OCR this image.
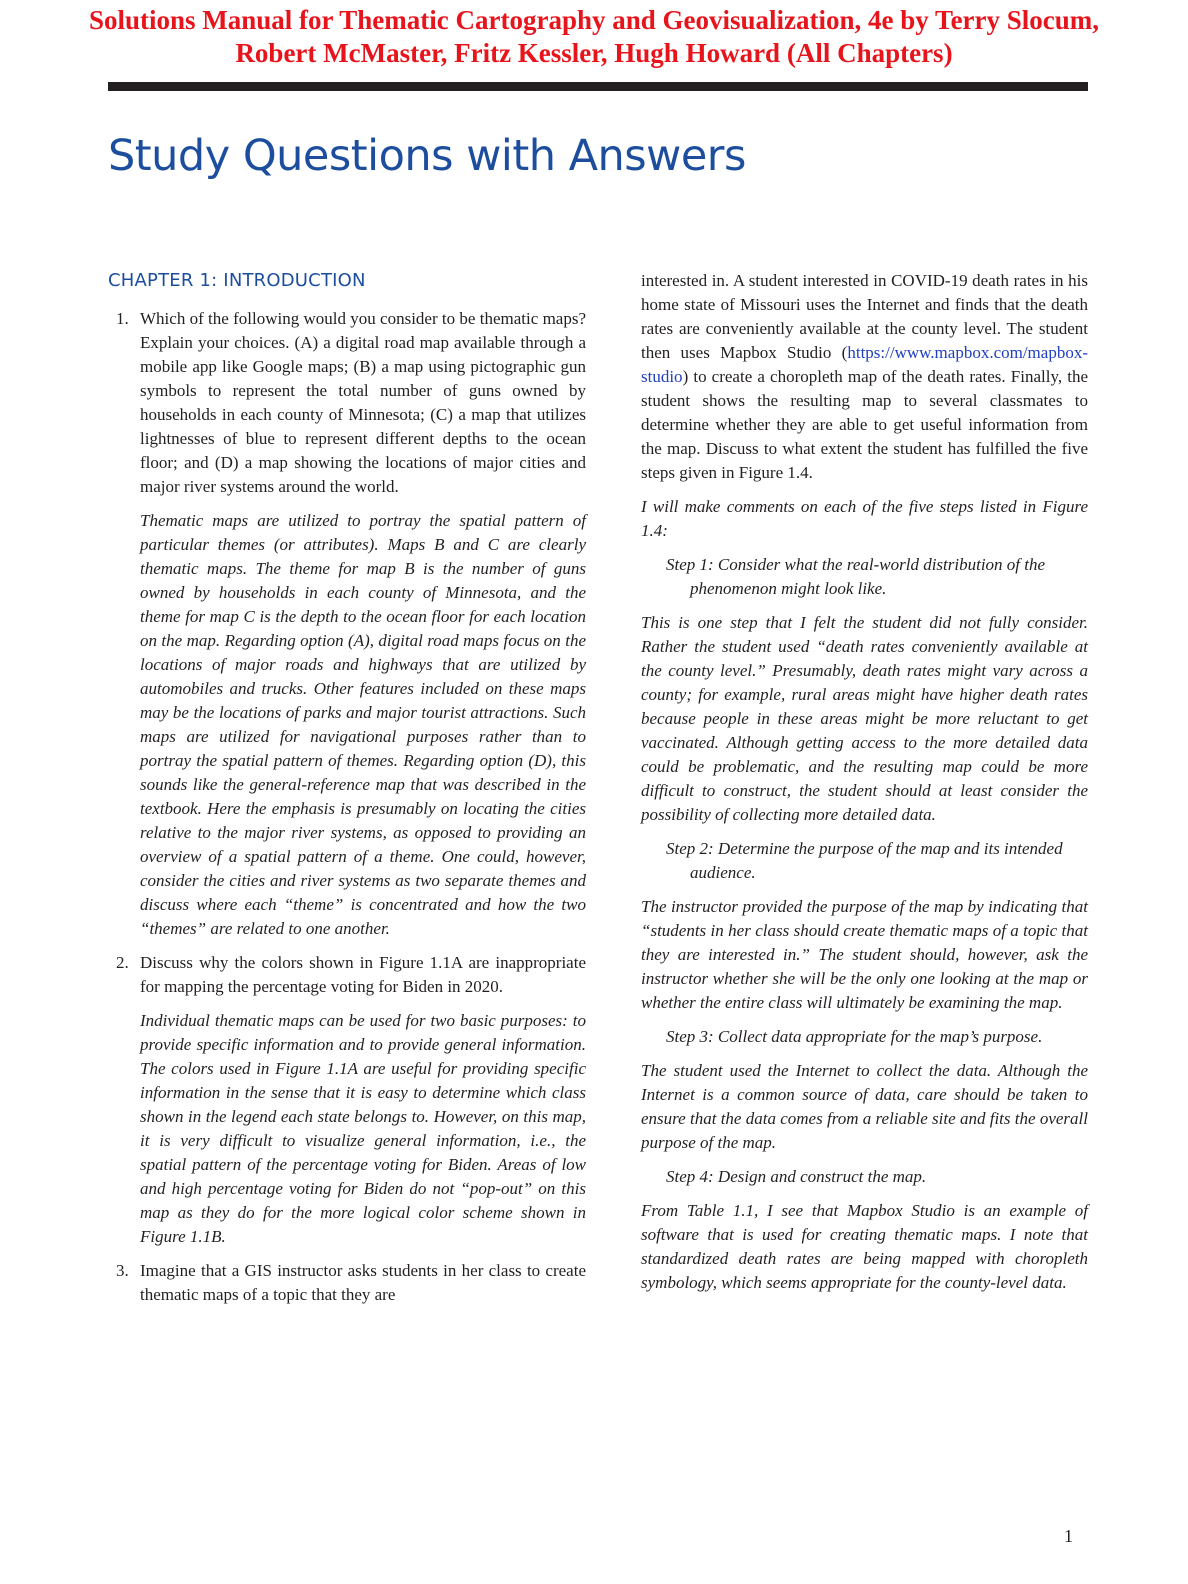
Solutions Manual for Thematic Cartography and Geovisualization, 4e by Terry Slocum,
Robert McMaster, Fritz Kessler, Hugh Howard (All Chapters)
Study Questions with Answers
CHAPTER 1: INTRODUCTION
1. Which of the following would you consider to be thematic maps? Explain your choices. (A) a digital road map available through a mobile app like Google maps; (B) a map using pictographic gun symbols to represent the total number of guns owned by households in each county of Minnesota; (C) a map that utilizes lightnesses of blue to represent different depths to the ocean floor; and (D) a map showing the locations of major cities and major river systems around the world.
Thematic maps are utilized to portray the spatial pattern of particular themes (or attributes). Maps B and C are clearly thematic maps. The theme for map B is the number of guns owned by households in each county of Minnesota, and the theme for map C is the depth to the ocean floor for each location on the map. Regarding option (A), digital road maps focus on the locations of major roads and highways that are utilized by automobiles and trucks. Other features included on these maps may be the locations of parks and major tourist attractions. Such maps are utilized for navigational purposes rather than to portray the spatial pattern of themes. Regarding option (D), this sounds like the general-reference map that was described in the textbook. Here the emphasis is presumably on locating the cities relative to the major river systems, as opposed to providing an overview of a spatial pattern of a theme. One could, however, consider the cities and river systems as two separate themes and discuss where each “theme” is concentrated and how the two “themes” are related to one another.
2. Discuss why the colors shown in Figure 1.1A are inappropriate for mapping the percentage voting for Biden in 2020.
Individual thematic maps can be used for two basic purposes: to provide specific information and to provide general information. The colors used in Figure 1.1A are useful for providing specific information in the sense that it is easy to determine which class shown in the legend each state belongs to. However, on this map, it is very difficult to visualize general information, i.e., the spatial pattern of the percentage voting for Biden. Areas of low and high percentage voting for Biden do not “pop-out” on this map as they do for the more logical color scheme shown in Figure 1.1B.
3. Imagine that a GIS instructor asks students in her class to create thematic maps of a topic that they are

interested in. A student interested in COVID-19 death rates in his home state of Missouri uses the Internet and finds that the death rates are conveniently available at the county level. The student then uses Mapbox Studio (https://www.mapbox.com/mapbox-studio) to create a choropleth map of the death rates. Finally, the student shows the resulting map to several classmates to determine whether they are able to get useful information from the map. Discuss to what extent the student has fulfilled the five steps given in Figure 1.4.

I will make comments on each of the five steps listed in Figure 1.4:
Step 1: Consider what the real-world distribution of the phenomenon might look like.
This is one step that I felt the student did not fully consider. Rather the student used “death rates conveniently available at the county level.” Presumably, death rates might vary across a county; for example, rural areas might have higher death rates because people in these areas might be more reluctant to get vaccinated. Although getting access to the more detailed data could be problematic, and the resulting map could be more difficult to construct, the student should at least consider the possibility of collecting more detailed data.
Step 2: Determine the purpose of the map and its intended audience.
The instructor provided the purpose of the map by indicating that “students in her class should create thematic maps of a topic that they are interested in.” The student should, however, ask the instructor whether she will be the only one looking at the map or whether the entire class will ultimately be examining the map.
Step 3: Collect data appropriate for the map’s purpose.
The student used the Internet to collect the data. Although the Internet is a common source of data, care should be taken to ensure that the data comes from a reliable site and fits the overall purpose of the map.
Step 4: Design and construct the map.
From Table 1.1, I see that Mapbox Studio is an example of software that is used for creating thematic maps. I note that standardized death rates are being mapped with choropleth symbology, which seems appropriate for the county-level data.
1
